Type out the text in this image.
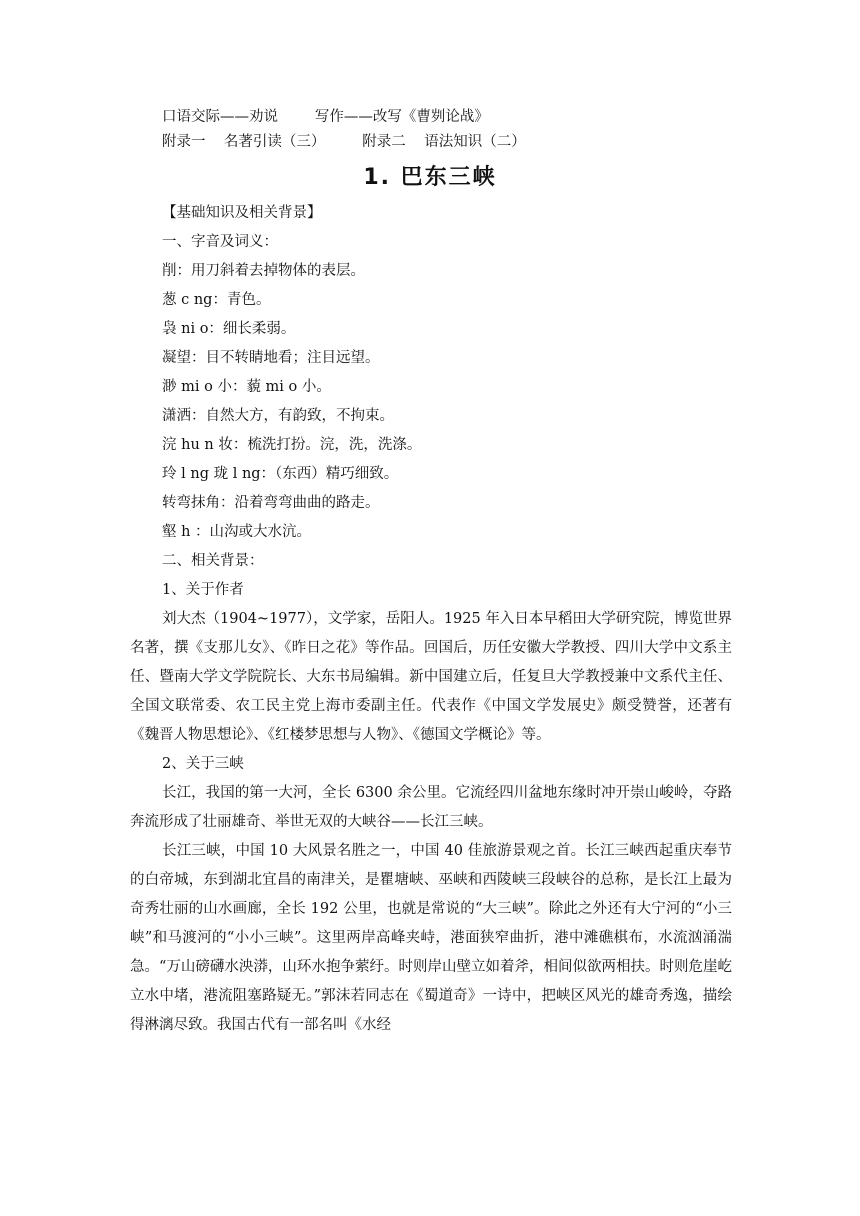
口语交际——劝说        写作——改写《曹刿论战》
附录一    名著引读（三）        附录二    语法知识（二）
1. 巴东三峡
【基础知识及相关背景】
一、字音及词义：
削：用刀斜着去掉物体的表层。
葱 c ng：青色。
袅 ni o：细长柔弱。
凝望：目不转睛地看；注目远望。
渺 mi o 小：藐 mi o 小。
潇洒：自然大方，有韵致，不拘束。
浣 hu n 妆：梳洗打扮。浣，洗，洗涤。
玲 l ng 珑 l ng：（东西）精巧细致。
转弯抹角：沿着弯弯曲曲的路走。
壑 h ：山沟或大水沆。
二、相关背景：
1、关于作者
刘大杰（1904~1977），文学家，岳阳人。1925 年入日本早稻田大学研究院，博览世界名著，撰《支那儿女》、《昨日之花》等作品。回国后，历任安徽大学教授、四川大学中文系主任、暨南大学文学院院长、大东书局编辑。新中国建立后，任复旦大学教授兼中文系代主任、全国文联常委、农工民主党上海市委副主任。代表作《中国文学发展史》颇受赞誉，还著有《魏晋人物思想论》、《红楼梦思想与人物》、《德国文学概论》等。
2、关于三峡
长江，我国的第一大河，全长 6300 余公里。它流经四川盆地东缘时冲开崇山峻岭，夺路奔流形成了壮丽雄奇、举世无双的大峡谷——长江三峡。
长江三峡，中国 10 大风景名胜之一，中国 40 佳旅游景观之首。长江三峡西起重庆奉节的白帝城，东到湖北宜昌的南津关，是瞿塘峡、巫峡和西陵峡三段峡谷的总称，是长江上最为奇秀壮丽的山水画廊，全长 192 公里，也就是常说的“大三峡”。除此之外还有大宁河的“小三峡”和马渡河的“小小三峡”。这里两岸高峰夹峙，港面狭窄曲折，港中滩礁棋布，水流汹涌湍急。“万山磅礴水泱漭，山环水抱争萦纡。时则岸山壁立如着斧，相间似欲两相扶。时则危崖屹立水中堵，港流阻塞路疑无。”郭沫若同志在《蜀道奇》一诗中，把峡区风光的雄奇秀逸，描绘得淋漓尽致。我国古代有一部名叫《水经
